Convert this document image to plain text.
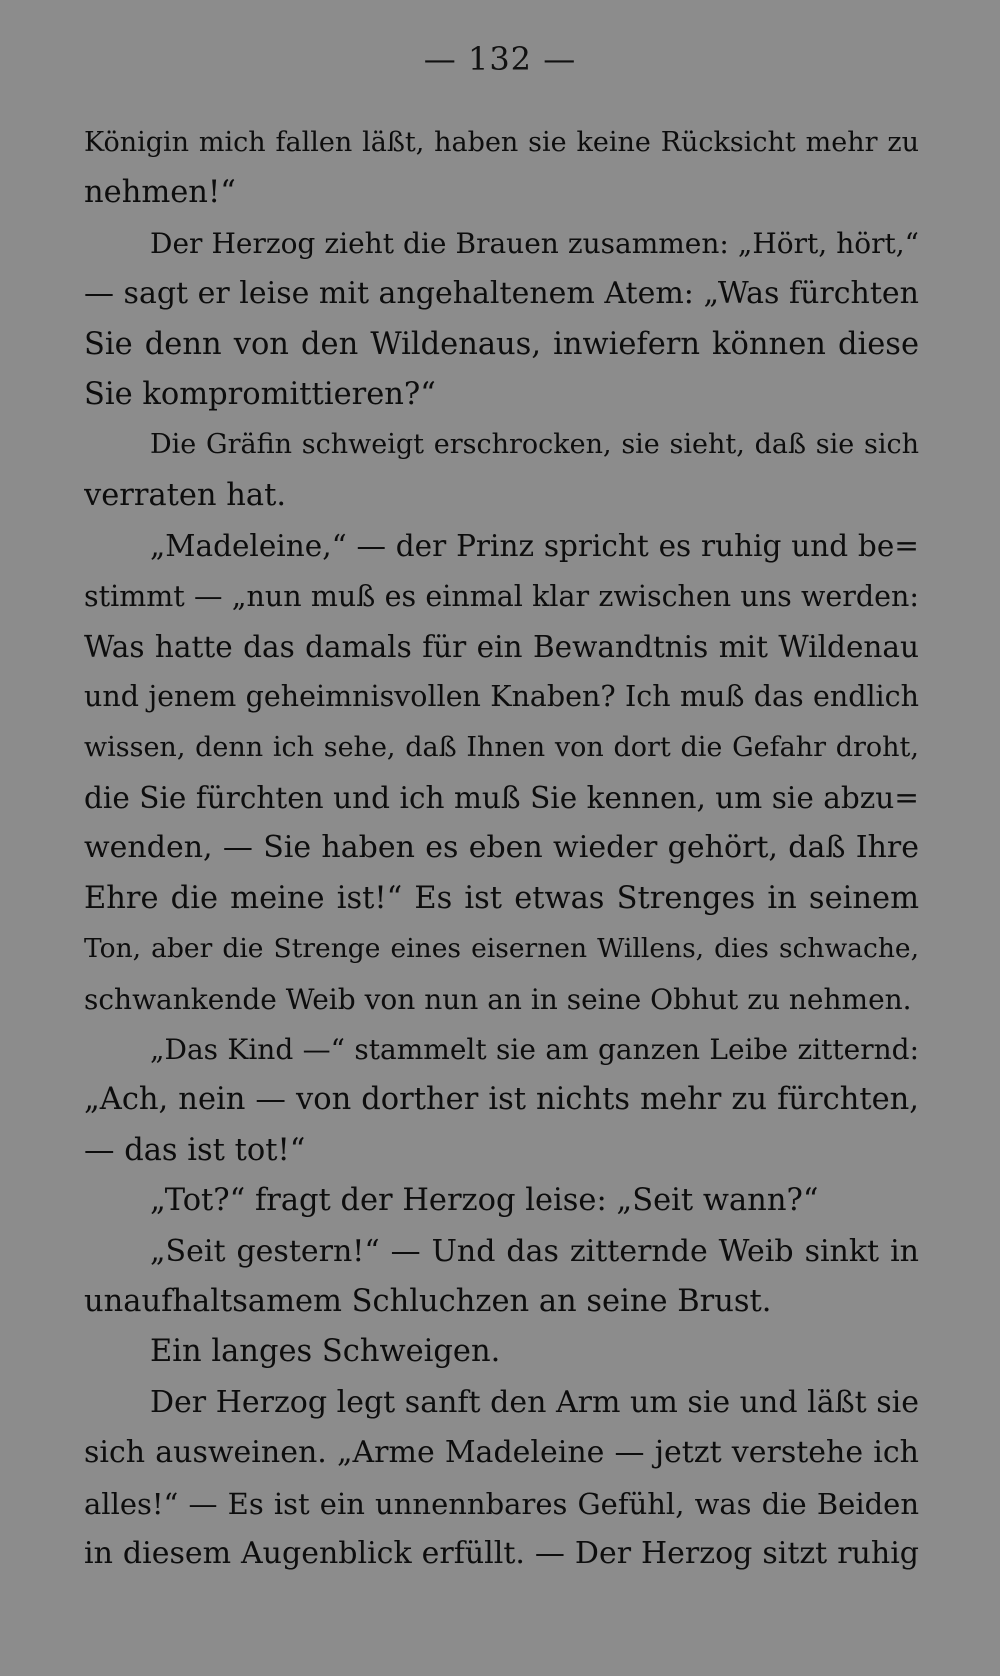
— 132 —
Königin mich fallen läßt, haben sie keine Rücksicht mehr zu
nehmen!“
Der Herzog zieht die Brauen zusammen: „Hört, hört,“
— sagt er leise mit angehaltenem Atem: „Was fürchten
Sie denn von den Wildenaus, inwiefern können diese
Sie kompromittieren?“
Die Gräfin schweigt erschrocken, sie sieht, daß sie sich
verraten hat.
„Madeleine,“ — der Prinz spricht es ruhig und be=
stimmt — „nun muß es einmal klar zwischen uns werden:
Was hatte das damals für ein Bewandtnis mit Wildenau
und jenem geheimnisvollen Knaben? Ich muß das endlich
wissen, denn ich sehe, daß Ihnen von dort die Gefahr droht,
die Sie fürchten und ich muß Sie kennen, um sie abzu=
wenden, — Sie haben es eben wieder gehört, daß Ihre
Ehre die meine ist!“ Es ist etwas Strenges in seinem
Ton, aber die Strenge eines eisernen Willens, dies schwache,
schwankende Weib von nun an in seine Obhut zu nehmen.
„Das Kind —“ stammelt sie am ganzen Leibe zitternd:
„Ach, nein — von dorther ist nichts mehr zu fürchten,
— das ist tot!“
„Tot?“ fragt der Herzog leise: „Seit wann?“
„Seit gestern!“ — Und das zitternde Weib sinkt in
unaufhaltsamem Schluchzen an seine Brust.
Ein langes Schweigen.
Der Herzog legt sanft den Arm um sie und läßt sie
sich ausweinen. „Arme Madeleine — jetzt verstehe ich
alles!“ — Es ist ein unnennbares Gefühl, was die Beiden
in diesem Augenblick erfüllt. — Der Herzog sitzt ruhig
